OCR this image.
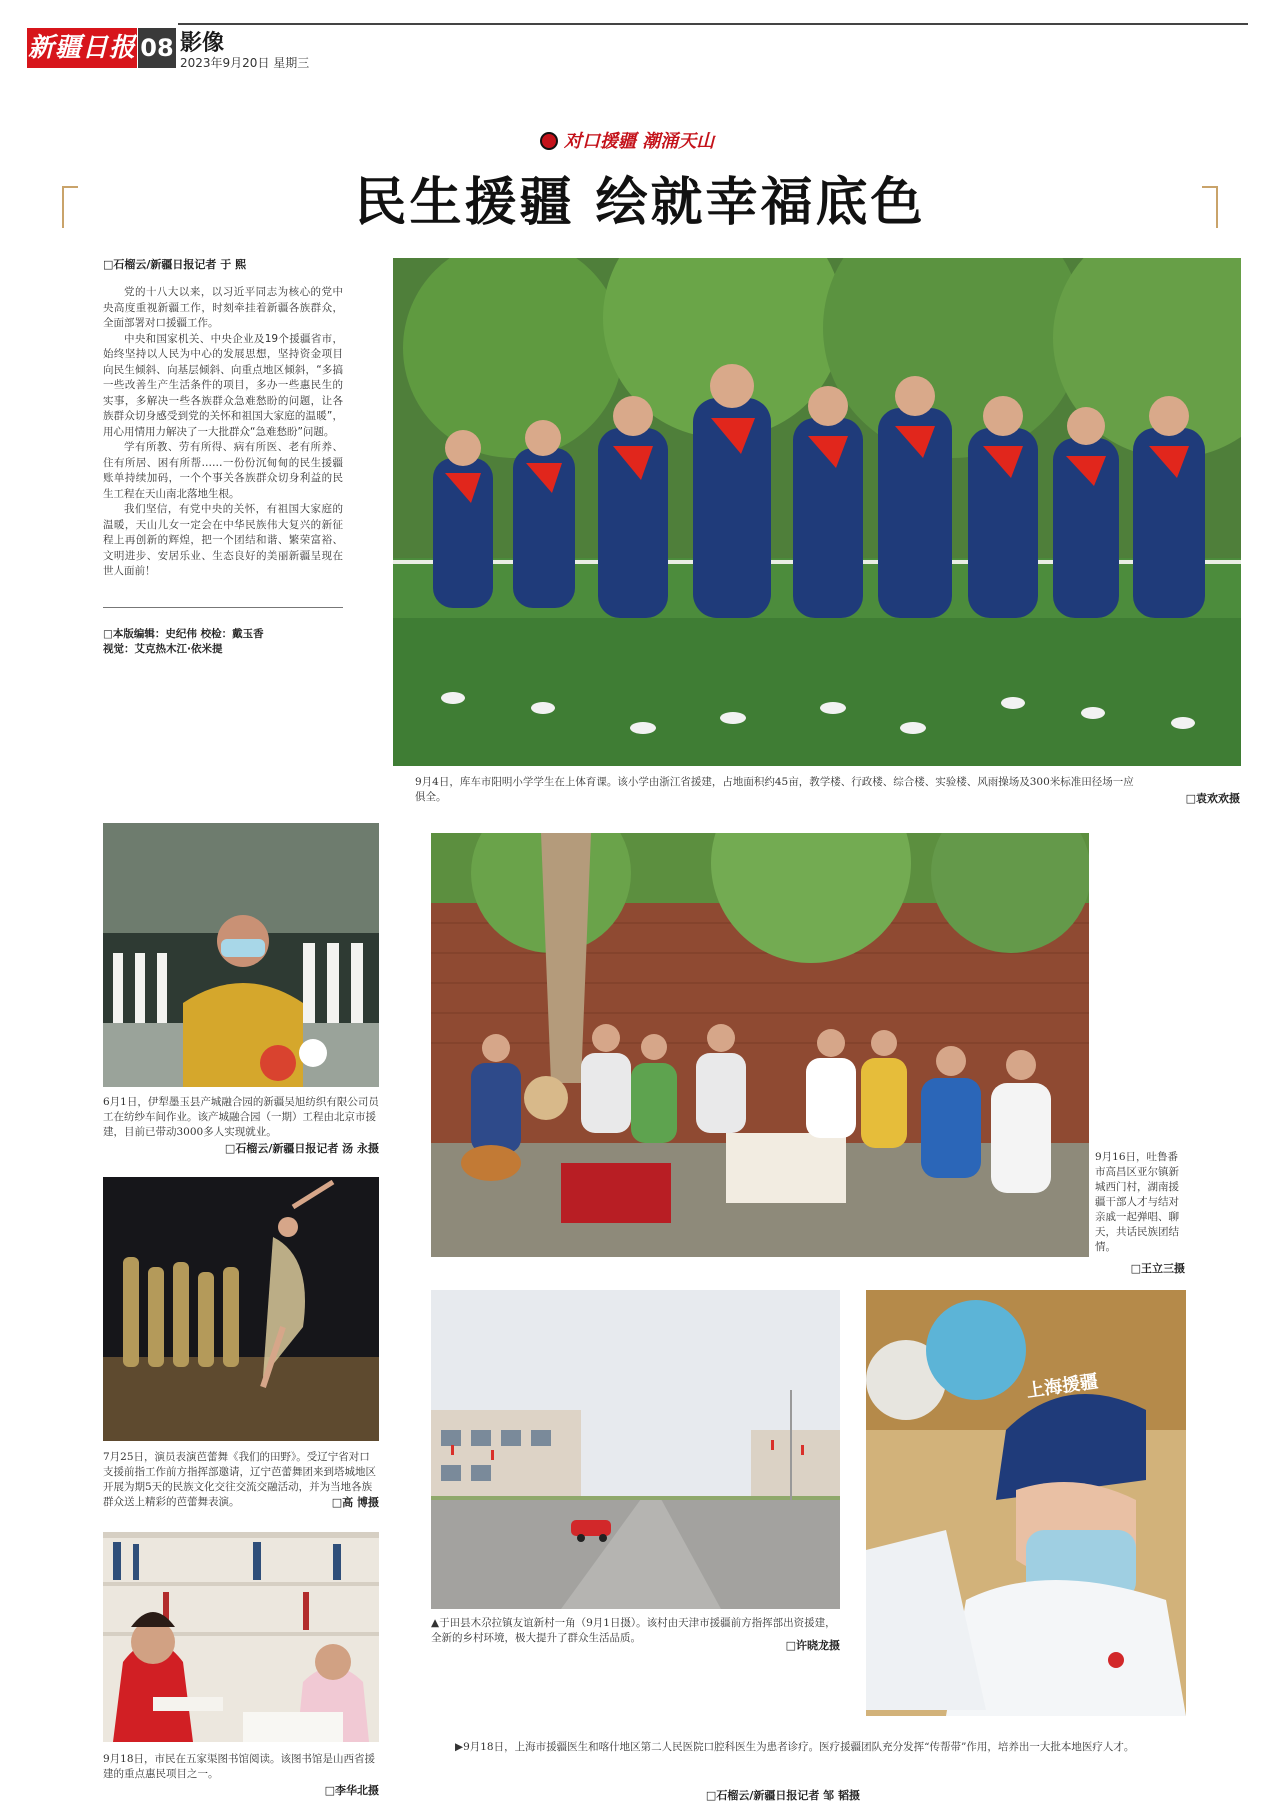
新疆日报 08 影像
2023年9月20日 星期三
对口援疆 潮涌天山
民生援疆 绘就幸福底色
□石榴云/新疆日报记者 于 熙

党的十八大以来，以习近平同志为核心的党中央高度重视新疆工作，时刻牵挂着新疆各族群众，全面部署对口援疆工作。

中央和国家机关、中央企业及19个援疆省市，始终坚持以人民为中心的发展思想，坚持资金项目向民生倾斜、向基层倾斜、向重点地区倾斜，“多搞一些改善生产生活条件的项目，多办一些惠民生的实事，多解决一些各族群众急难愁盼的问题，让各族群众切身感受到党的关怀和祖国大家庭的温暖”，用心用情用力解决了一大批群众“急难愁盼”问题。

学有所教、劳有所得、病有所医、老有所养、住有所居、困有所帮……一份份沉甸甸的民生援疆账单持续加码，一个个事关各族群众切身利益的民生工程在天山南北落地生根。

我们坚信，有党中央的关怀，有祖国大家庭的温暖，天山儿女一定会在中华民族伟大复兴的新征程上再创新的辉煌，把一个团结和谐、繁荣富裕、文明进步、安居乐业、生态良好的美丽新疆呈现在世人面前！

□本版编辑：史纪伟 校检：戴玉香
视觉：艾克热木江·依米提
9月4日，库车市阳明小学学生在上体育课。该小学由浙江省援建，占地面积约45亩，教学楼、行政楼、综合楼、实验楼、风雨操场及300米标准田径场一应俱全。	□袁欢欢摄
6月1日，伊犁墨玉县产城融合园的新疆吴旭纺织有限公司员工在纺纱车间作业。该产城融合园（一期）工程由北京市援建，目前已带动3000多人实现就业。
□石榴云/新疆日报记者 汤 永摄
9月16日，吐鲁番市高昌区亚尔镇新城西门村，湖南援疆干部人才与结对亲戚一起弹唱、聊天，共话民族团结情。
□王立三摄
7月25日，演员表演芭蕾舞《我们的田野》。受辽宁省对口支援前指工作前方指挥部邀请，辽宁芭蕾舞团来到塔城地区开展为期5天的民族文化交往交流交融活动，并为当地各族群众送上精彩的芭蕾舞表演。	□高 博摄
9月18日，市民在五家渠图书馆阅读。该图书馆是山西省援建的重点惠民项目之一。
□李华北摄
▲于田县木尕拉镇友谊新村一角（9月1日摄）。该村由天津市援疆前方指挥部出资援建，全新的乡村环境，极大提升了群众生活品质。
□许晓龙摄
上海援疆
▶9月18日，上海市援疆医生和喀什地区第二人民医院口腔科医生为患者诊疗。医疗援疆团队充分发挥“传帮带”作用，培养出一大批本地医疗人才。
□石榴云/新疆日报记者 邹 韬摄
